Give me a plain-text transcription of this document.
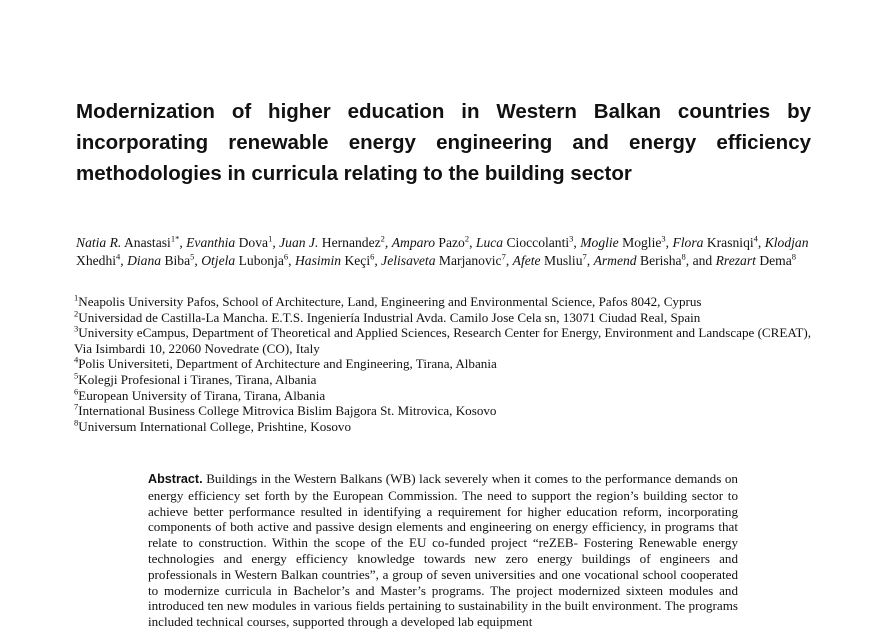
Modernization of higher education in Western Balkan countries by incorporating renewable energy engineering and energy efficiency methodologies in curricula relating to the building sector

Natia R. Anastasi$^{1*}$, Evanthia Dova$^1$, Juan J. Hernandez$^2$, Amparo Pazo$^2$, Luca Cioccolanti$^3$, Moglie Moglie$^3$, Flora Krasniqi$^4$, Klodjan Xhedhi$^4$, Diana Biba$^5$, Otjela Lubonja$^6$, Hasimin Keçi$^6$, Jelisaveta Marjanovic$^7$, Afete Musliu$^7$, Armend Berisha$^8$, and Rrezart Dema$^8$

$^1$Neapolis University Pafos, School of Architecture, Land, Engineering and Environmental Science, Pafos 8042, Cyprus
$^2$Universidad de Castilla-La Mancha. E.T.S. Ingeniería Industrial Avda. Camilo Jose Cela sn, 13071 Ciudad Real, Spain
$^3$University eCampus, Department of Theoretical and Applied Sciences, Research Center for Energy, Environment and Landscape (CREAT), Via Isimbardi 10, 22060 Novedrate (CO), Italy
$^4$Polis Universiteti, Department of Architecture and Engineering, Tirana, Albania
$^5$Kolegji Profesional i Tiranes, Tirana, Albania
$^6$European University of Tirana, Tirana, Albania
$^7$International Business College Mitrovica Bislim Bajgora St. Mitrovica, Kosovo
$^8$Universum International College, Prishtine, Kosovo

Abstract. Buildings in the Western Balkans (WB) lack severely when it comes to the performance demands on energy efficiency set forth by the European Commission. The need to support the region’s building sector to achieve better performance resulted in identifying a requirement for higher education reform, incorporating components of both active and passive design elements and engineering on energy efficiency, in programs that relate to construction. Within the scope of the EU co-funded project “reZEB- Fostering Renewable energy technologies and energy efficiency knowledge towards new zero energy buildings of engineers and professionals in Western Balkan countries”, a group of seven universities and one vocational school cooperated to modernize curricula in Bachelor’s and Master’s programs. The project modernized sixteen modules and introduced ten new modules in various fields pertaining to sustainability in the built environment. The programs included technical courses, supported through a developed lab equipment
